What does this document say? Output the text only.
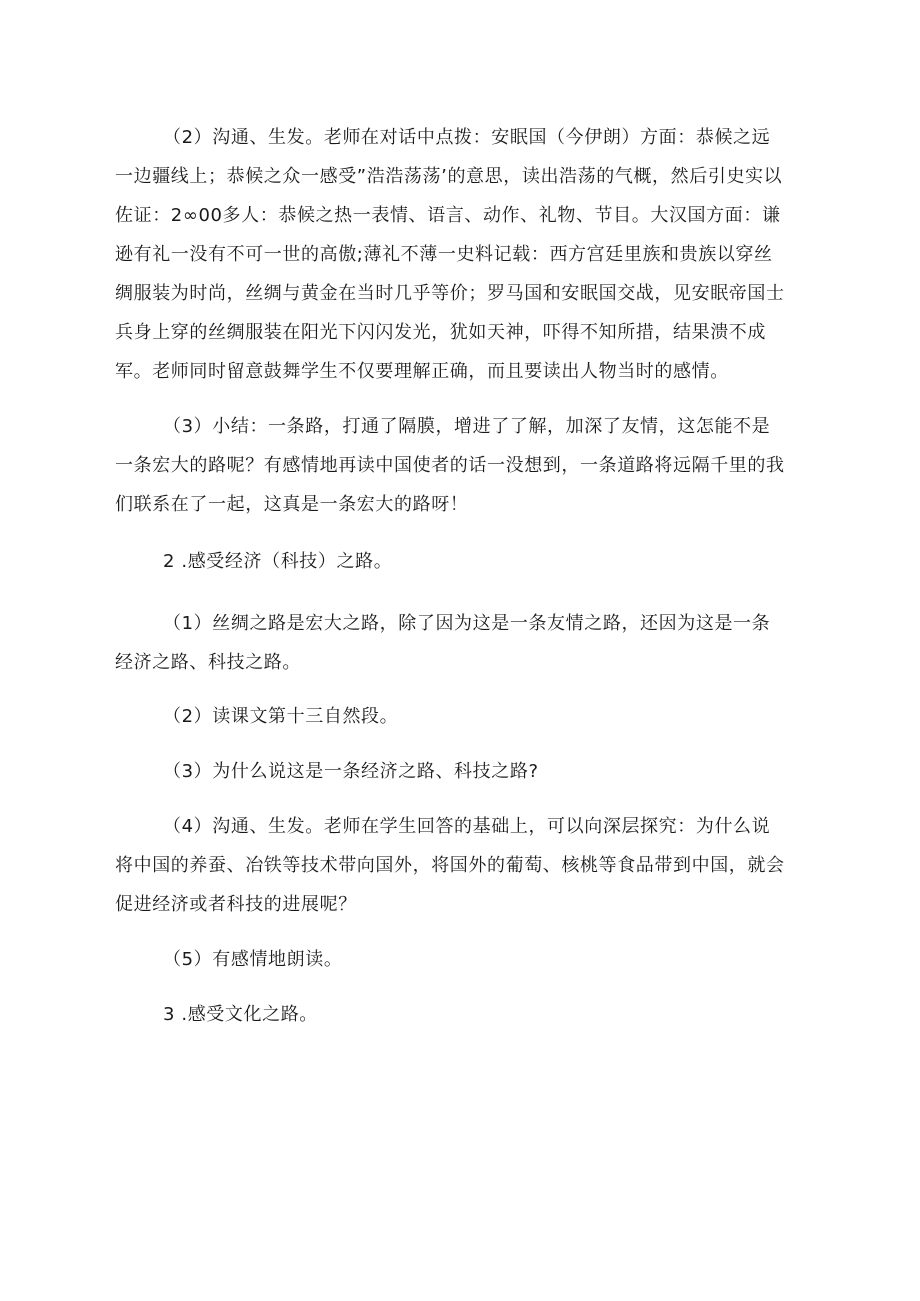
（2）沟通、生发。老师在对话中点拨：安眠国（今伊朗）方面：恭候之远一边疆线上；恭候之众一感受”浩浩荡荡’的意思，读出浩荡的气概，然后引史实以佐证：2∞00多人：恭候之热一表情、语言、动作、礼物、节目。大汉国方面：谦逊有礼一没有不可一世的高傲;薄礼不薄一史料记载：西方宫廷里族和贵族以穿丝绸服装为时尚，丝绸与黄金在当时几乎等价；罗马国和安眠国交战，见安眠帝国士兵身上穿的丝绸服装在阳光下闪闪发光，犹如天神，吓得不知所措，结果溃不成军。老师同时留意鼓舞学生不仅要理解正确，而且要读出人物当时的感情。

（3）小结：一条路，打通了隔膜，增进了了解，加深了友情，这怎能不是一条宏大的路呢？有感情地再读中国使者的话一没想到，一条道路将远隔千里的我们联系在了一起，这真是一条宏大的路呀！

2 .感受经济（科技）之路。

（1）丝绸之路是宏大之路，除了因为这是一条友情之路，还因为这是一条经济之路、科技之路。

（2）读课文第十三自然段。

（3）为什么说这是一条经济之路、科技之路?

（4）沟通、生发。老师在学生回答的基础上，可以向深层探究：为什么说将中国的养蚕、冶铁等技术带向国外，将国外的葡萄、核桃等食品带到中国，就会促进经济或者科技的进展呢？

（5）有感情地朗读。

3 .感受文化之路。
